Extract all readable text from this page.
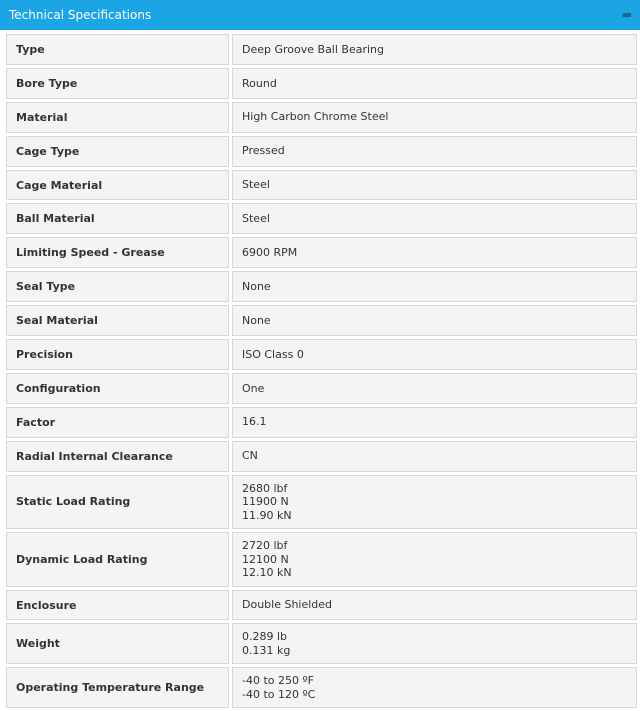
Technical Specifications	▬
Type	Deep Groove Ball Bearing

Bore Type	Round

Material	High Carbon Chrome Steel

Cage Type	Pressed

Cage Material	Steel

Ball Material	Steel

Limiting Speed - Grease	6900 RPM

Seal Type	None

Seal Material	None

Precision	ISO Class 0

Configuration	One

Factor	16.1

Radial Internal Clearance	CN

Static Load Rating	2680 lbf
11900 N
11.90 kN

Dynamic Load Rating	2720 lbf
12100 N
12.10 kN

Enclosure	Double Shielded

Weight	0.289 lb
0.131 kg

Operating Temperature Range	-40 to 250 ºF
-40 to 120 ºC
